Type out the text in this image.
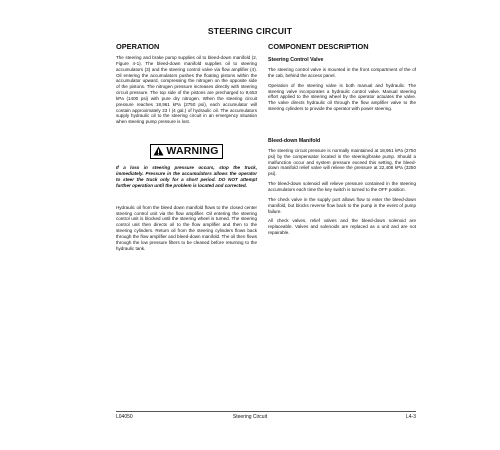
STEERING CIRCUIT
OPERATION

The steering and brake pump supplies oil to bleed-down manifold (2, Figure 4-1). The bleed-down manifold supplies oil to steering accumulators (3) and the steering control valve via flow amplifier (4). Oil entering the accumulators pushes the floating pistons within the accumulator upward, compressing the nitrogen on the opposite side of the pistons. The nitrogen pressure increases directly with steering circuit pressure. The top side of the pistons are precharged to 9,653 kPa (1400 psi) with pure dry nitrogen. When the steering circuit pressure reaches 18,961 kPa (2750 psi), each accumulator will contain approximately 23 l (4 gal.) of hydraulic oil. The accumulators supply hydraulic oil to the steering circuit in an emergency situation when steering pump pressure is lost.

WARNING

If a loss in steering pressure occurs, stop the truck, immediately. Pressure in the accumulators allows the operator to steer the truck only for a short period. DO NOT attempt further operation until the problem is located and corrected.

Hydraulic oil from the bleed down manifold flows to the closed center steering control unit via the flow amplifier. Oil entering the steering control unit is blocked until the steering wheel is turned. The steering control unit then directs oil to the flow amplifier and then to the steering cylinders. Return oil from the steering cylinders flows back through the flow amplifier and bleed-down manifold. The oil then flows through the low pressure filters to be cleaned before returning to the hydraulic tank.

COMPONENT DESCRIPTION
Steering Control Valve

The steering control valve is mounted in the front compartment of the of the cab, behind the access panel.

Operation of the steering valve is both manual and hydraulic. The steering valve incorporates a hydraulic control valve. Manual steering effort applied to the steering wheel by the operator actuates the valve. The valve directs hydraulic oil through the flow amplifier valve to the steering cylinders to provide the operator with power steering.

Bleed-down Manifold

The steering circuit pressure is normally maintained at 18,961 kPa (2750 psi) by the compensator located in the steering/brake pump. Should a malfunction occur and system pressure exceed this setting, the bleed-down manifold relief valve will relieve the pressure at 22,408 kPa (3250 psi).

The bleed-down solenoid will relieve pressure contained in the steering accumulators each time the key switch is turned to the OFF position.

The check valve in the supply port allows flow to enter the bleed-down manifold, but blocks reverse flow back to the pump in the event of pump failure.

All check valves, relief valves and the bleed-down solenoid are replaceable. Valves and solenoids are replaced as a unit and are not repairable.

L04050	Steering Circuit	L4-3
